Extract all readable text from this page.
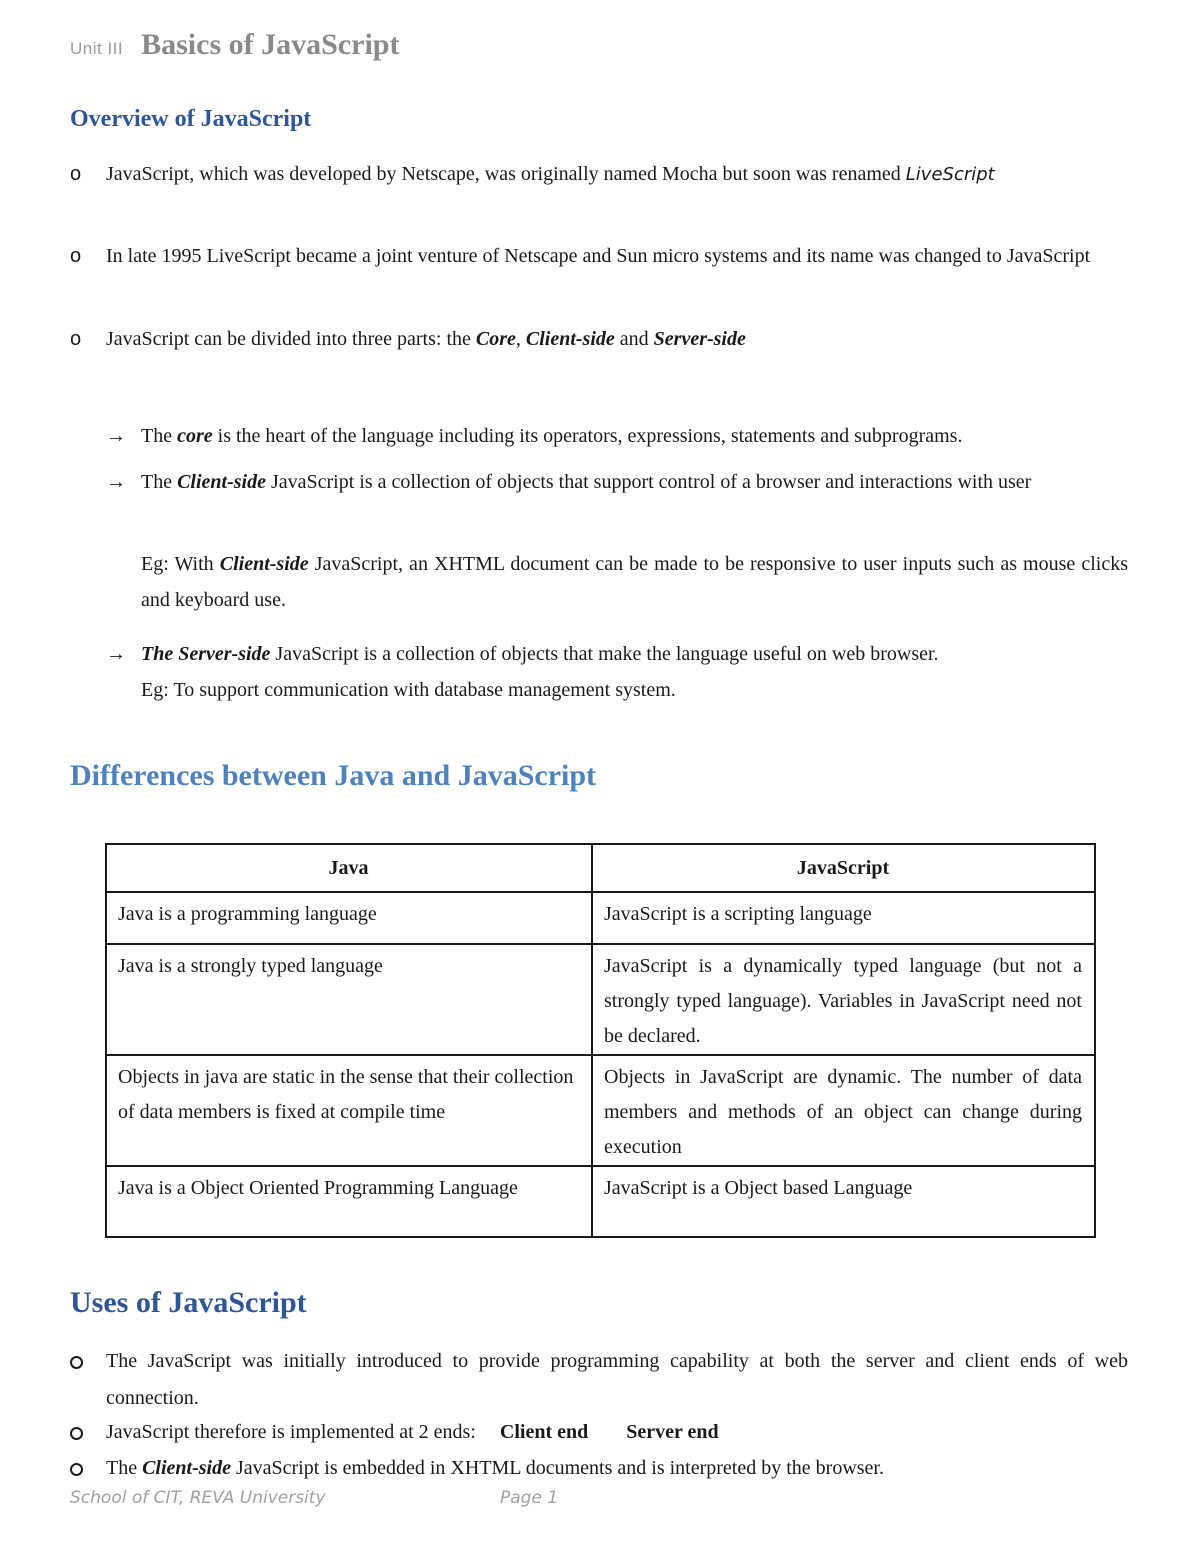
Unit III Basics of JavaScript
Overview of JavaScript
o JavaScript, which was developed by Netscape, was originally named Mocha but soon was renamed LiveScript
o In late 1995 LiveScript became a joint venture of Netscape and Sun micro systems and its name was changed to JavaScript
o JavaScript can be divided into three parts: the Core, Client-side and Server-side
→ The core is the heart of the language including its operators, expressions, statements and subprograms.
→ The Client-side JavaScript is a collection of objects that support control of a browser and interactions with user
Eg: With Client-side JavaScript, an XHTML document can be made to be responsive to user inputs such as mouse clicks and keyboard use.
→ The Server-side JavaScript is a collection of objects that make the language useful on web browser.
Eg: To support communication with database management system.
Differences between Java and JavaScript
Java	JavaScript
Java is a programming language	JavaScript is a scripting language
Java is a strongly typed language	JavaScript is a dynamically typed language (but not a strongly typed language). Variables in JavaScript need not be declared.
Objects in java are static in the sense that their collection of data members is fixed at compile time	Objects in JavaScript are dynamic. The number of data members and methods of an object can change during execution
Java is a Object Oriented Programming Language	JavaScript is a Object based Language
Uses of JavaScript
The JavaScript was initially introduced to provide programming capability at both the server and client ends of web connection.
JavaScript therefore is implemented at 2 ends: Client end Server end
The Client-side JavaScript is embedded in XHTML documents and is interpreted by the browser.
School of CIT, REVA University	Page 1
